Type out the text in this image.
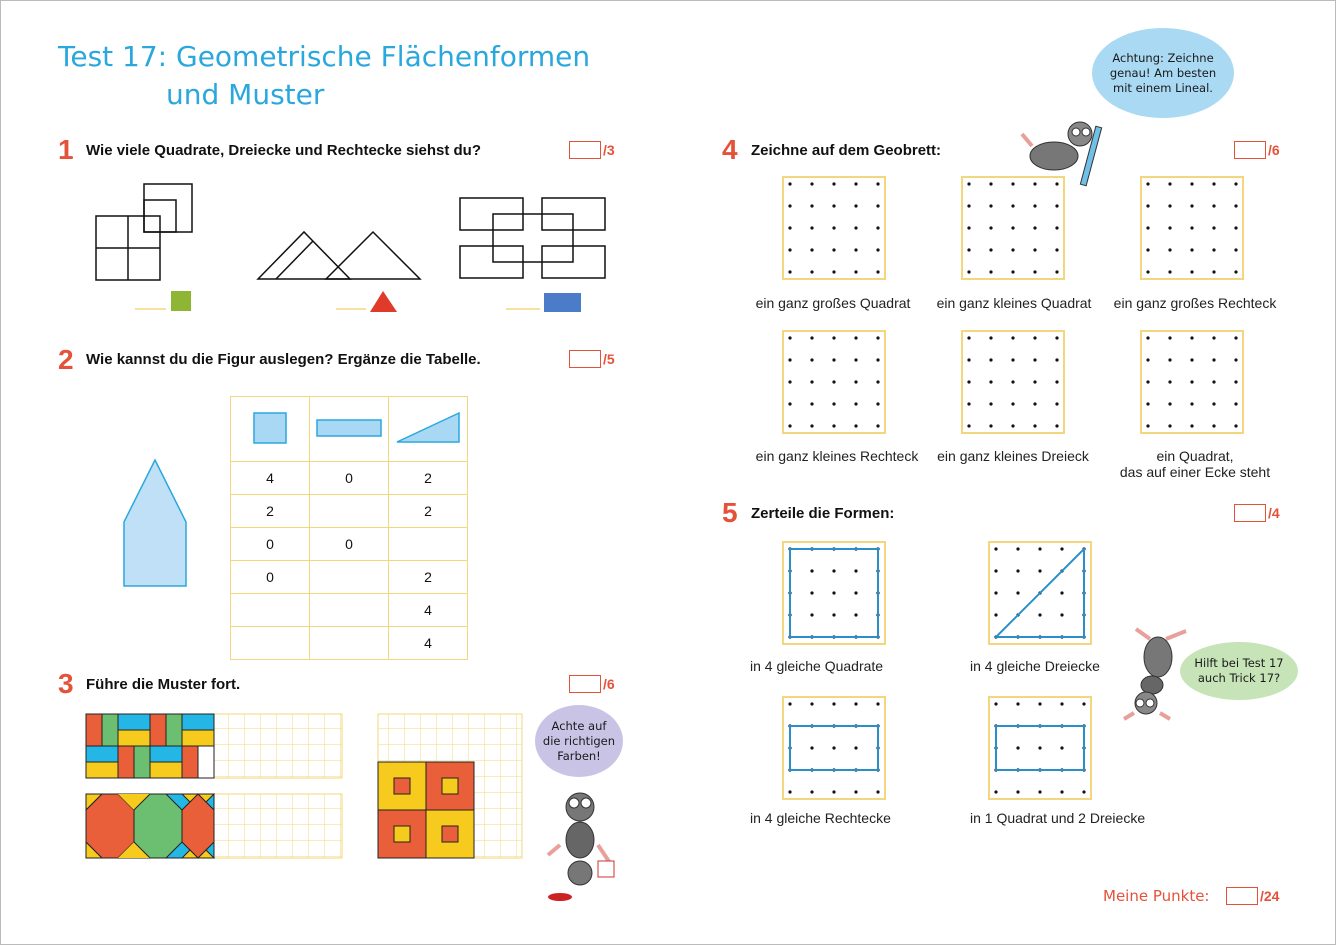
Test 17: Geometrische Flächenformen
und Muster
1 Wie viele Quadrate, Dreiecke und Rechtecke siehst du?	/3
2 Wie kannst du die Figur auslegen? Ergänze die Tabelle.	/5

4	0	2
2		2
0	0	
0		2
		4
		4
3 Führe die Muster fort.	/6
Achte auf
die richtigen
Farben!
4 Zeichne auf dem Geobrett:	/6
Achtung: Zeichne
genau! Am besten
mit einem Lineal.
ein ganz großes Quadrat	ein ganz kleines Quadrat	ein ganz großes Rechteck
ein ganz kleines Rechteck	ein ganz kleines Dreieck	ein Quadrat,
das auf einer Ecke steht
5 Zerteile die Formen:	/4
in 4 gleiche Quadrate	in 4 gleiche Dreiecke
in 4 gleiche Rechtecke	in 1 Quadrat und 2 Dreiecke
Hilft bei Test 17
auch Trick 17?
Meine Punkte:	/24
